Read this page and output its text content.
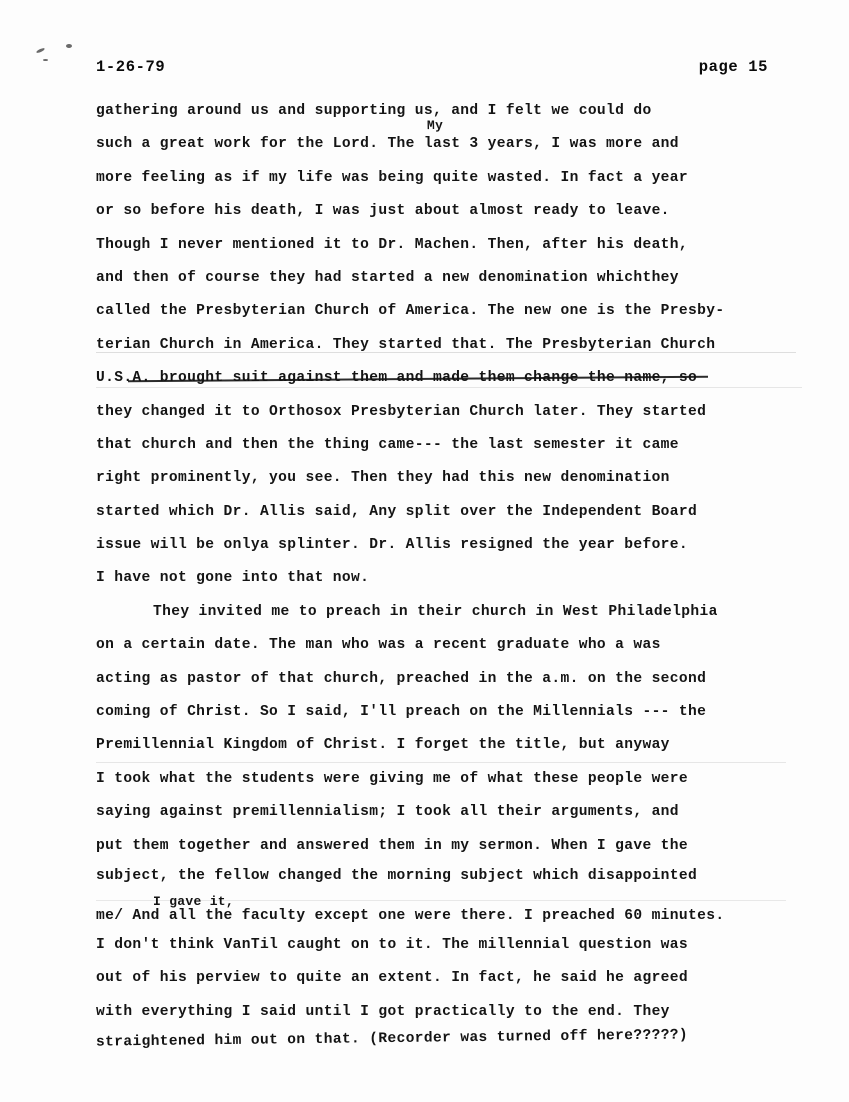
1-26-79	page 15
gathering around us and supporting us, and I felt we could do
such a great work for the Lord. The last 3 years, I was more and
more feeling as if my life was being quite wasted. In fact a year
or so before his death, I was just about almost ready to leave.
Though I never mentioned it to Dr. Machen. Then, after his death,
and then of course they had started a new denomination whichthey
called the Presbyterian Church of America. The new one is the Presby-
terian Church in America. They started that. The Presbyterian Church
U.S.A. brought suit against them and made them change the name, so
they changed it to Orthosox Presbyterian Church later. They started
that church and then the thing came--- the last semester it came
right prominently, you see. Then they had this new denomination
started which Dr. Allis said, Any split over the Independent Board
issue will be onlya splinter. Dr. Allis resigned the year before.
I have not gone into that now.
They invited me to preach in their church in West Philadelphia
on a certain date. The man who was a recent graduate who a was
acting as pastor of that church, preached in the a.m. on the second
coming of Christ. So I said, I'll preach on the Millennials --- the
Premillennial Kingdom of Christ. I forget the title, but anyway
I took what the students were giving me of what these people were
saying against premillennialism; I took all their arguments, and
put them together and answered them in my sermon. When I gave the
subject, the fellow changed the morning subject which disappointed
me/ And all the faculty except one were there. I preached 60 minutes.
I don't think VanTil caught on to it. The millennial question was
out of his perview to quite an extent. In fact, he said he agreed
with everything I said until I got practically to the end. They
straightened him out on that. (Recorder was turned off here?????)
My
I gave it,
